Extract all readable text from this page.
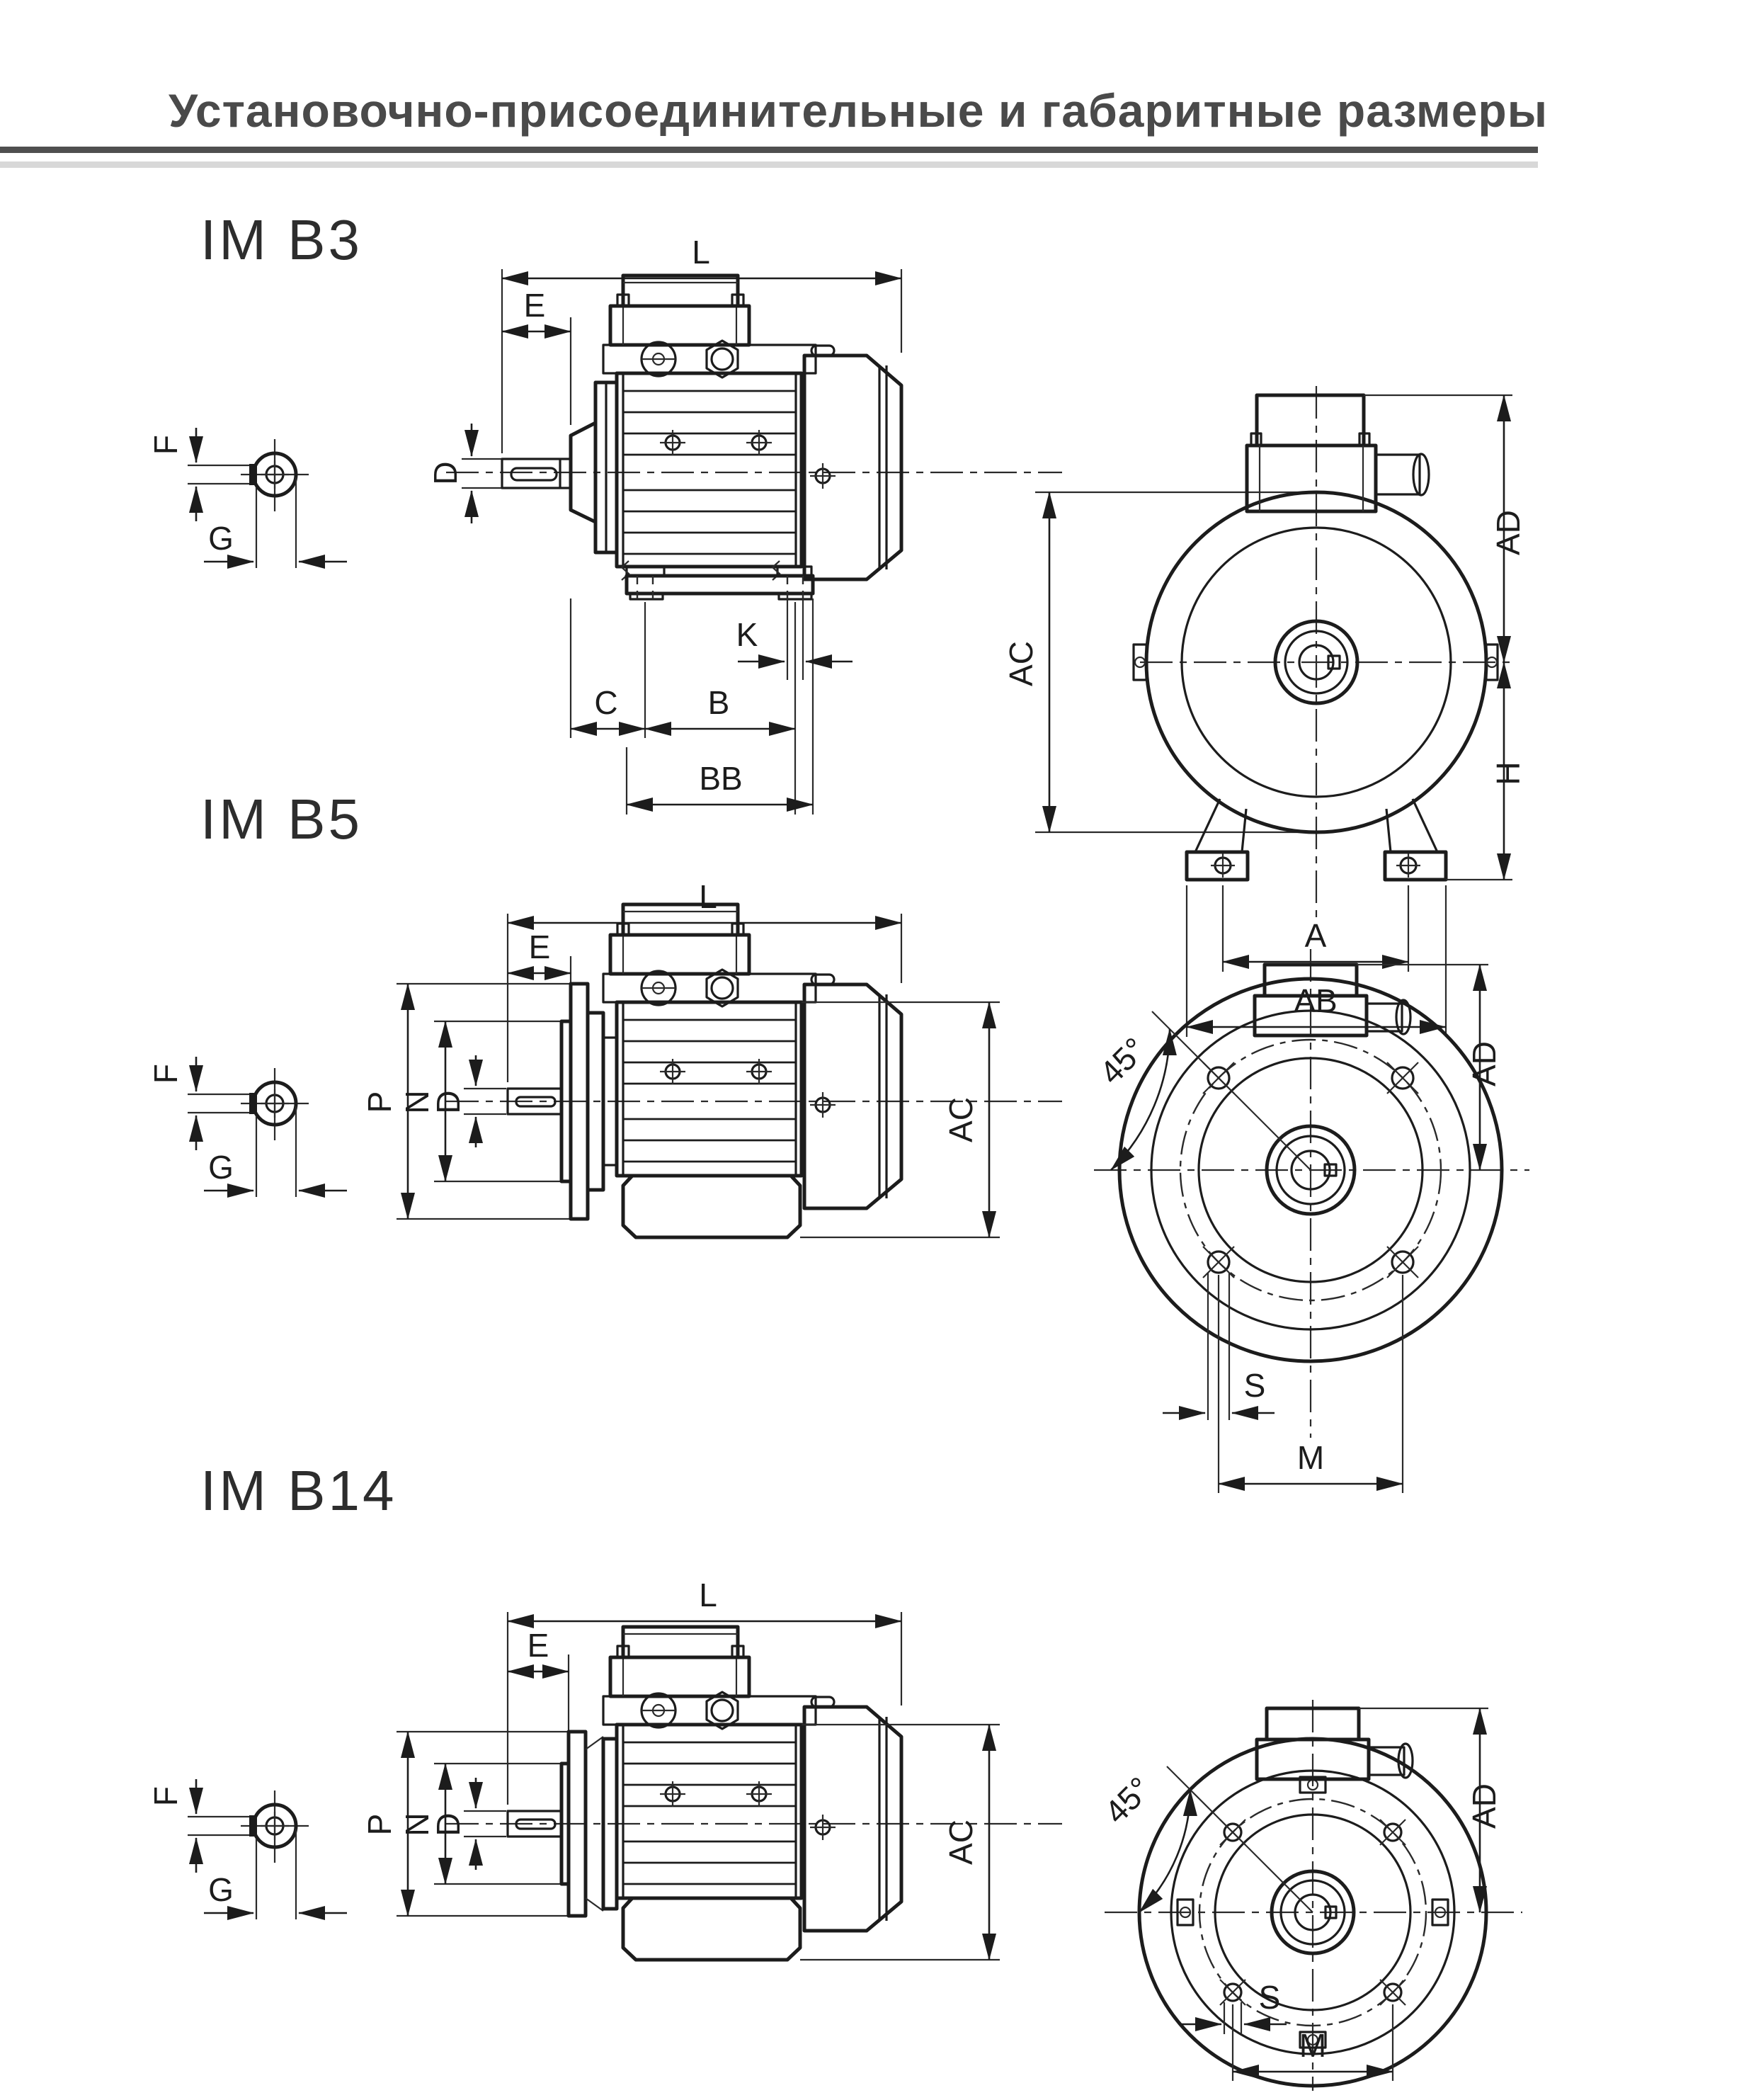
Установочно-присоединительные и габаритные размеры
IM B3
F
G
L
E
D
K
C	B
BB
AC
AD
H
A
AB
IM B5
F
G
L
E
P N
D	AC
45°	AD
S
M
IM B14
F
G
L
E
P N
D	AC
45°	AD
S
M
